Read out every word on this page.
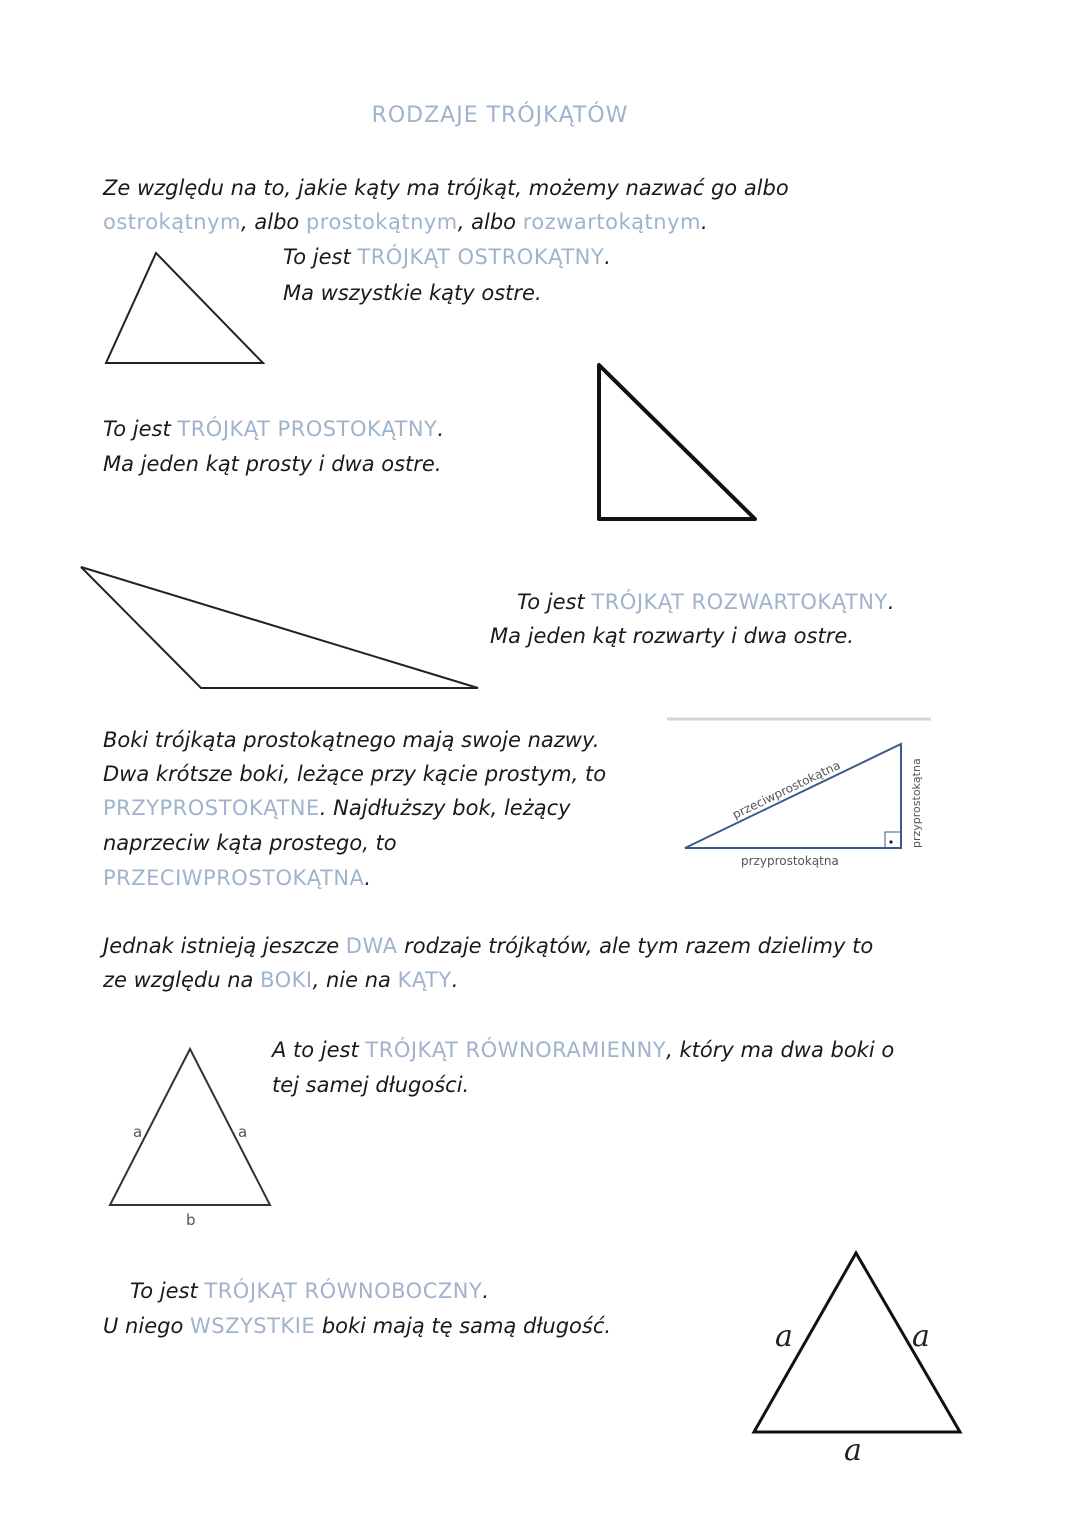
RODZAJE TRÓJKĄTÓW
Ze względu na to, jakie kąty ma trójkąt, możemy nazwać go albo
ostrokątnym, albo prostokątnym, albo rozwartokątnym.
To jest TRÓJKĄT OSTROKĄTNY.
Ma wszystkie kąty ostre.
To jest TRÓJKĄT PROSTOKĄTNY.
Ma jeden kąt prosty i dwa ostre.
To jest TRÓJKĄT ROZWARTOKĄTNY.
Ma jeden kąt rozwarty i dwa ostre.
Boki trójkąta prostokątnego mają swoje nazwy.
Dwa krótsze boki, leżące przy kącie prostym, to
PRZYPROSTOKĄTNE. Najdłuższy bok, leżący
naprzeciw kąta prostego, to
PRZECIWPROSTOKĄTNA.
przeciwprostokątna	przyprostokątna
przyprostokątna
Jednak istnieją jeszcze DWA rodzaje trójkątów, ale tym razem dzielimy to
ze względu na BOKI, nie na KĄTY.
A to jest TRÓJKĄT RÓWNORAMIENNY, który ma dwa boki o
tej samej długości.
a	a
b
To jest TRÓJKĄT RÓWNOBOCZNY.
U niego WSZYSTKIE boki mają tę samą długość.	a	a
a
